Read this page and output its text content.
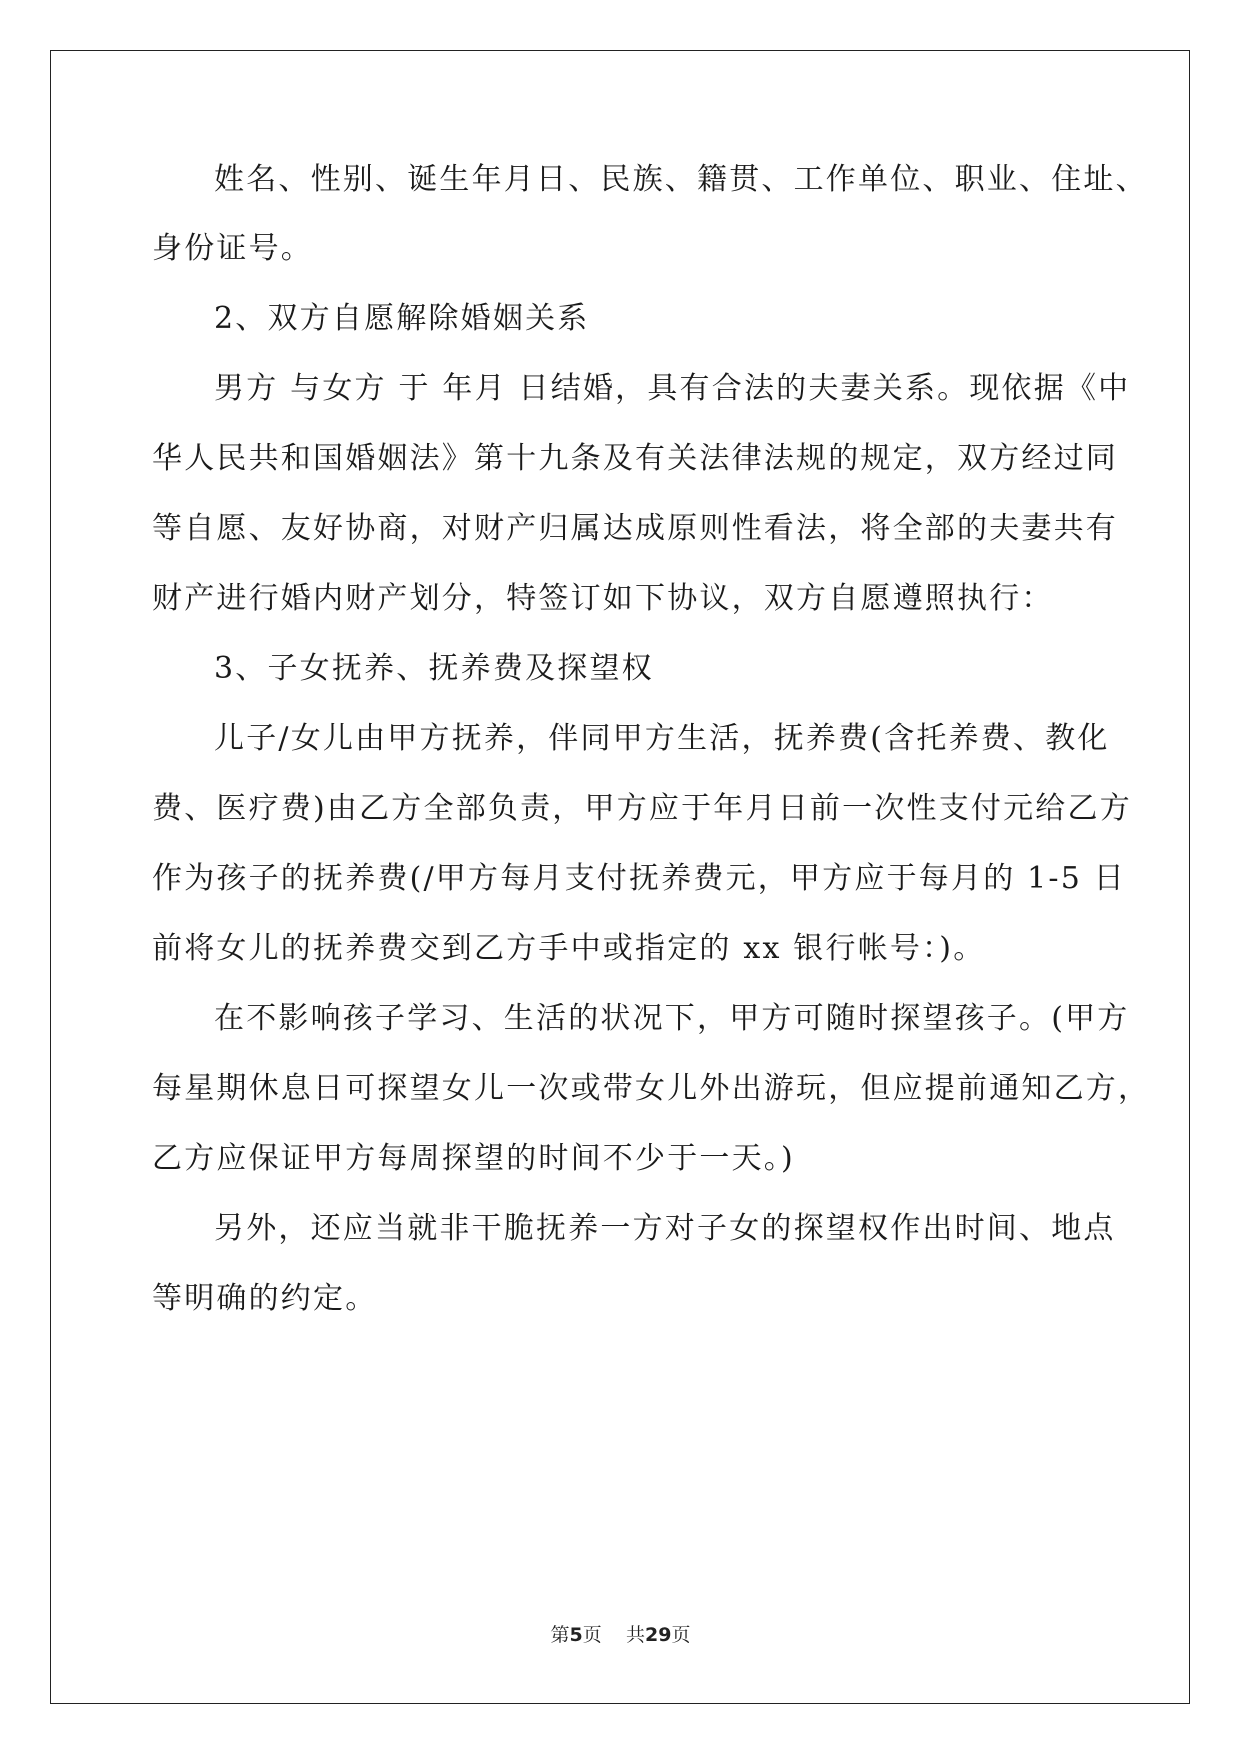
姓名、性别、诞生年月日、民族、籍贯、工作单位、职业、住址、
身份证号。
2、双方自愿解除婚姻关系
男方 与女方 于 年月 日结婚，具有合法的夫妻关系。现依据《中
华人民共和国婚姻法》第十九条及有关法律法规的规定，双方经过同
等自愿、友好协商，对财产归属达成原则性看法，将全部的夫妻共有
财产进行婚内财产划分，特签订如下协议，双方自愿遵照执行：
3、子女抚养、抚养费及探望权
儿子/女儿由甲方抚养，伴同甲方生活，抚养费(含托养费、教化
费、医疗费)由乙方全部负责，甲方应于年月日前一次性支付元给乙方
作为孩子的抚养费(/甲方每月支付抚养费元，甲方应于每月的 1-5 日
前将女儿的抚养费交到乙方手中或指定的 xx 银行帐号：)。
在不影响孩子学习、生活的状况下，甲方可随时探望孩子。(甲方
每星期休息日可探望女儿一次或带女儿外出游玩，但应提前通知乙方，
乙方应保证甲方每周探望的时间不少于一天。)
另外，还应当就非干脆抚养一方对子女的探望权作出时间、地点
等明确的约定。
第5页 共29页
